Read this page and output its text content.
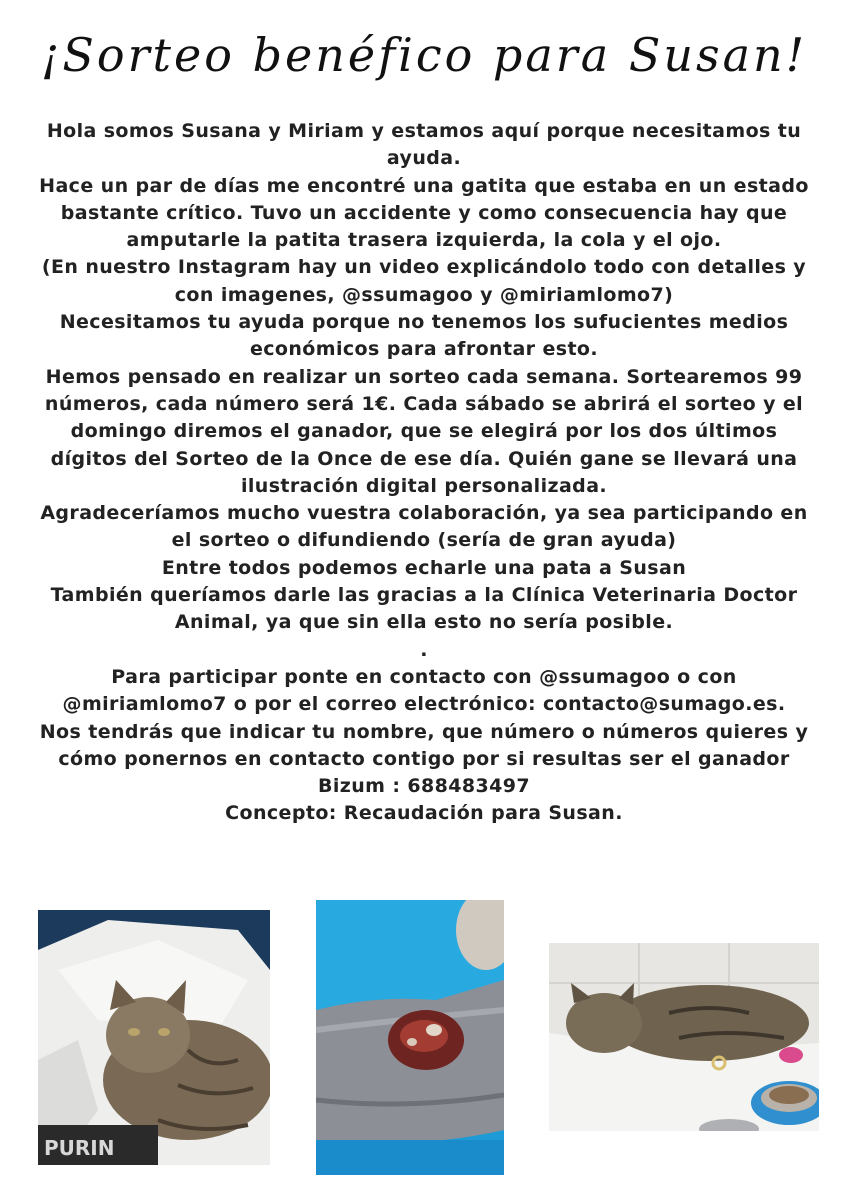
¡Sorteo benéfico para Susan!

Hola somos Susana y Miriam y estamos aquí porque necesitamos tu ayuda.

Hace un par de días me encontré una gatita que estaba en un estado bastante crítico. Tuvo un accidente y como consecuencia hay que amputarle la patita trasera izquierda, la cola y el ojo.

(En nuestro Instagram hay un video explicándolo todo con detalles y con imagenes, @ssumagoo y @miriamlomo7)

Necesitamos tu ayuda porque no tenemos los sufucientes medios económicos para afrontar esto.

Hemos pensado en realizar un sorteo cada semana. Sortearemos 99 números, cada número será 1€. Cada sábado se abrirá el sorteo y el domingo diremos el ganador, que se elegirá por los dos últimos dígitos del Sorteo de la Once de ese día. Quién gane se llevará una ilustración digital personalizada.

Agradeceríamos mucho vuestra colaboración, ya sea participando en el sorteo o difundiendo (sería de gran ayuda)

Entre todos podemos echarle una pata a Susan

También queríamos darle las gracias a la Clínica Veterinaria Doctor Animal, ya que sin ella esto no sería posible.

.

Para participar ponte en contacto con @ssumagoo o con @miriamlomo7 o por el correo electrónico: contacto@sumago.es.

Nos tendrás que indicar tu nombre, que número o números quieres y cómo ponernos en contacto contigo por si resultas ser el ganador

Bizum : 688483497

Concepto: Recaudación para Susan.

PURIN
